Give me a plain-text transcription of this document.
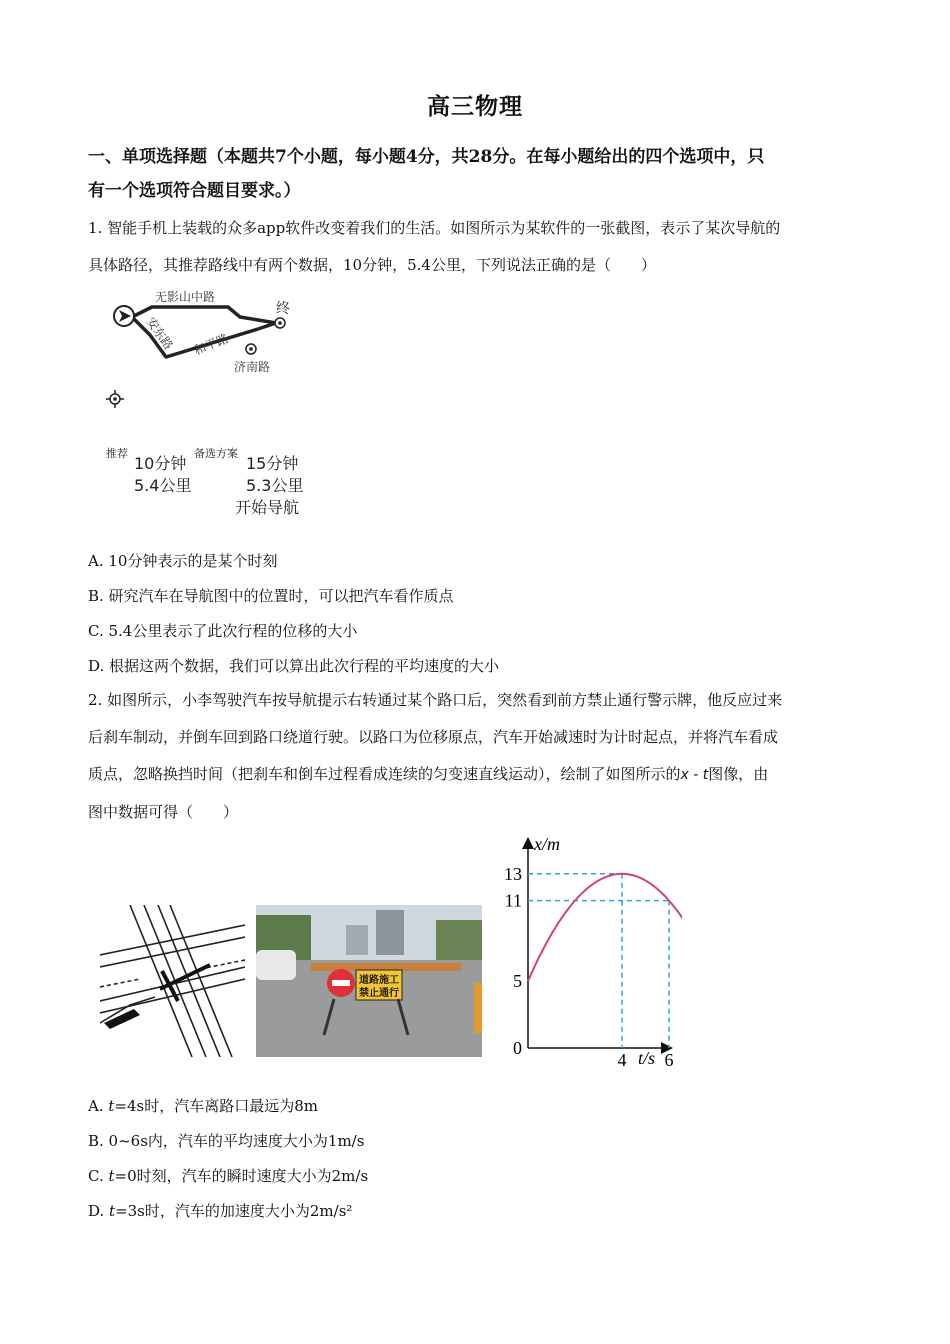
高三物理
一、单项选择题（本题共7个小题，每小题4分，共28分。在每小题给出的四个选项中，只
有一个选项符合题目要求。）
1. 智能手机上装载的众多app软件改变着我们的生活。如图所示为某软件的一张截图，表示了某次导航的
具体路径，其推荐路线中有两个数据，10分钟，5.4公里，下列说法正确的是（　　）
无影山中路
安东路 和平路
济南路
终
推荐
10分钟
5.4公里
备选方案
15分钟
5.3公里
开始导航
A. 10分钟表示的是某个时刻
B. 研究汽车在导航图中的位置时，可以把汽车看作质点
C. 5.4公里表示了此次行程的位移的大小
D. 根据这两个数据，我们可以算出此次行程的平均速度的大小
2. 如图所示，小李驾驶汽车按导航提示右转通过某个路口后，突然看到前方禁止通行警示牌，他反应过来
后刹车制动，并倒车回到路口绕道行驶。以路口为位移原点，汽车开始减速时为计时起点，并将汽车看成
质点，忽略换挡时间（把刹车和倒车过程看成连续的匀变速直线运动），绘制了如图所示的x - t图像，由
图中数据可得（　　）
道路施工
禁止通行
x/m
t/s
13
11
5
0
4 6
A. t=4s时，汽车离路口最远为8m
B. 0~6s内，汽车的平均速度大小为1m/s
C. t=0时刻，汽车的瞬时速度大小为2m/s
D. t=3s时，汽车的加速度大小为2m/s²
